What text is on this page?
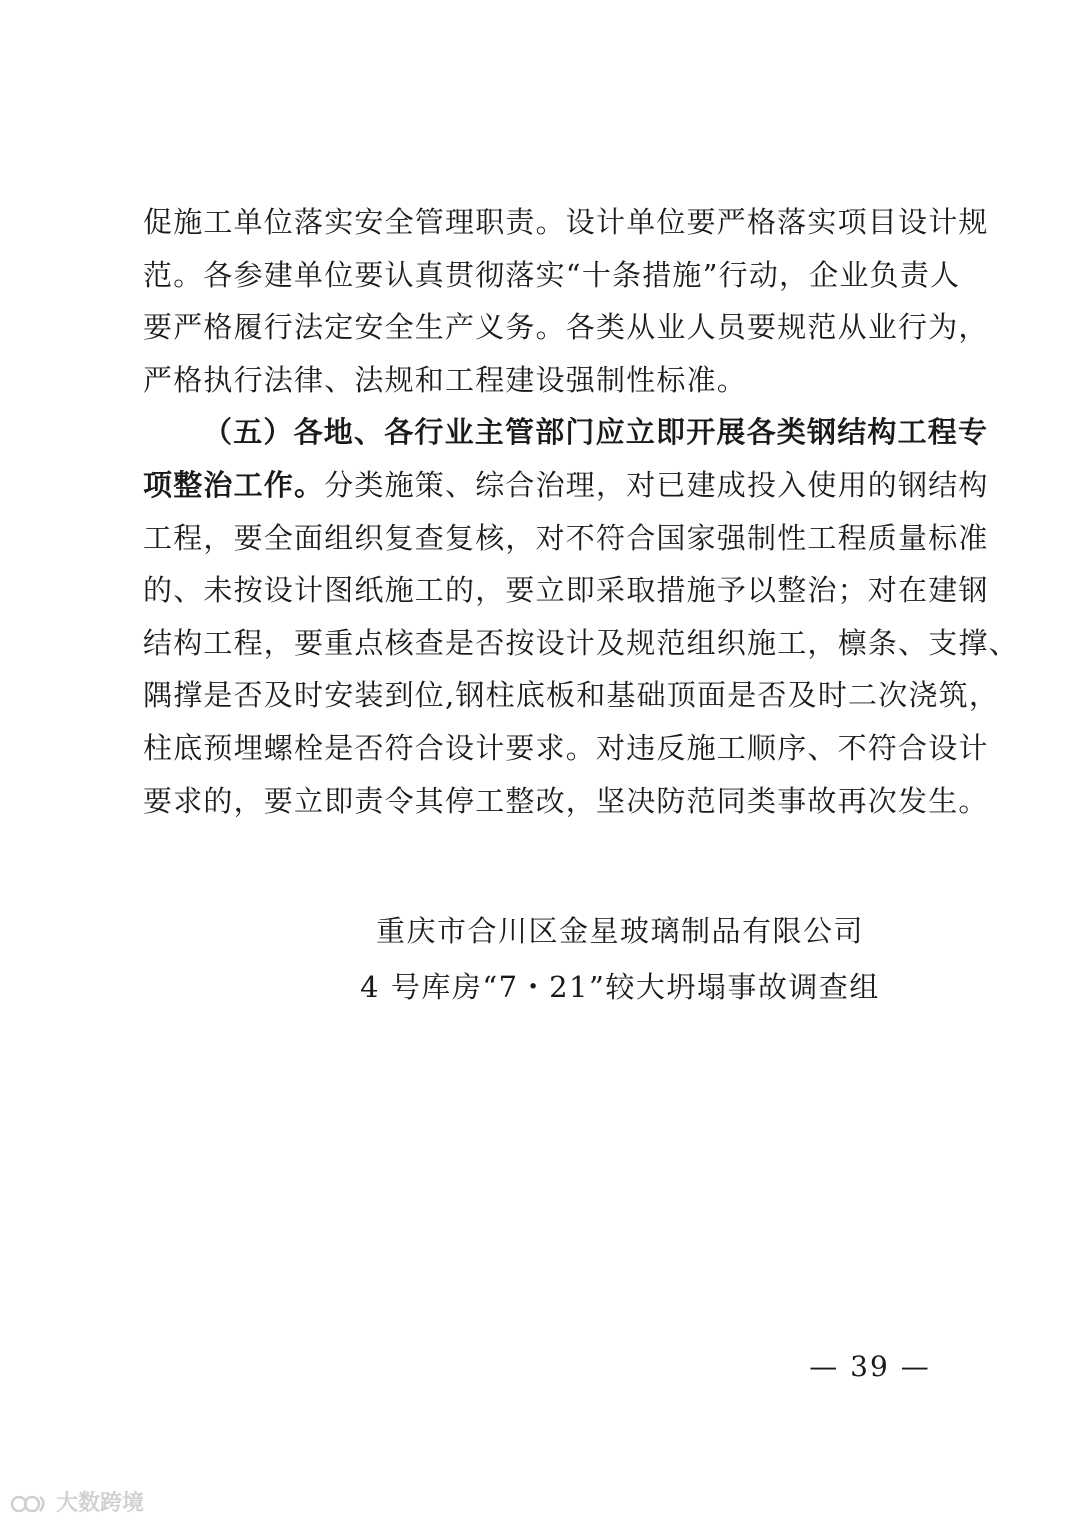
促施工单位落实安全管理职责。设计单位要严格落实项目设计规
范。各参建单位要认真贯彻落实“十条措施”行动，企业负责人
要严格履行法定安全生产义务。各类从业人员要规范从业行为，
严格执行法律、法规和工程建设强制性标准。
（五）各地、各行业主管部门应立即开展各类钢结构工程专
项整治工作。分类施策、综合治理，对已建成投入使用的钢结构
工程，要全面组织复查复核，对不符合国家强制性工程质量标准
的、未按设计图纸施工的，要立即采取措施予以整治；对在建钢
结构工程，要重点核查是否按设计及规范组织施工，檩条、支撑、
隅撑是否及时安装到位,钢柱底板和基础顶面是否及时二次浇筑，
柱底预埋螺栓是否符合设计要求。对违反施工顺序、不符合设计
要求的，要立即责令其停工整改，坚决防范同类事故再次发生。
重庆市合川区金星玻璃制品有限公司
4 号库房“7・21”较大坍塌事故调查组
— 39 —
大数跨境
